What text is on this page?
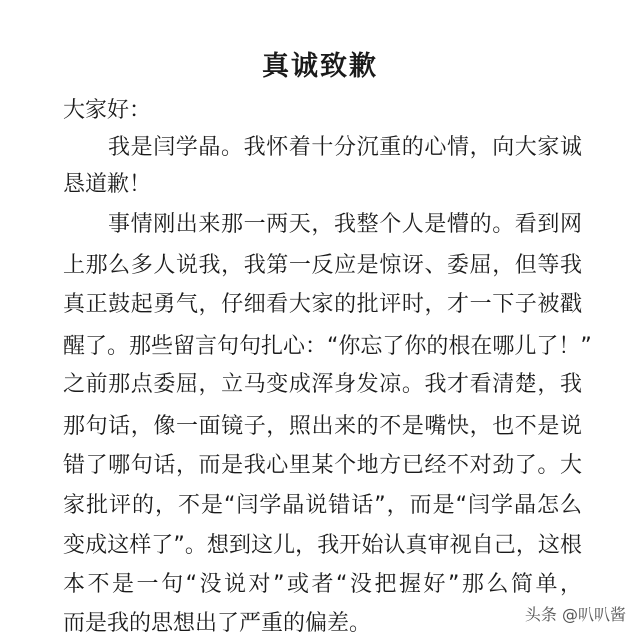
真诚致歉
大家好：
我是闫学晶。我怀着十分沉重的心情，向大家诚
恳道歉！
事情刚出来那一两天，我整个人是懵的。看到网
上那么多人说我，我第一反应是惊讶、委屈，但等我
真正鼓起勇气，仔细看大家的批评时，才一下子被戳
醒了。那些留言句句扎心：“你忘了你的根在哪儿了！”
之前那点委屈，立马变成浑身发凉。我才看清楚，我
那句话，像一面镜子，照出来的不是嘴快，也不是说
错了哪句话，而是我心里某个地方已经不对劲了。大
家批评的，不是“闫学晶说错话”，而是“闫学晶怎么
变成这样了”。想到这儿，我开始认真审视自己，这根
本不是一句“没说对”或者“没把握好”那么简单，
而是我的思想出了严重的偏差。	头条 @叭叭酱
